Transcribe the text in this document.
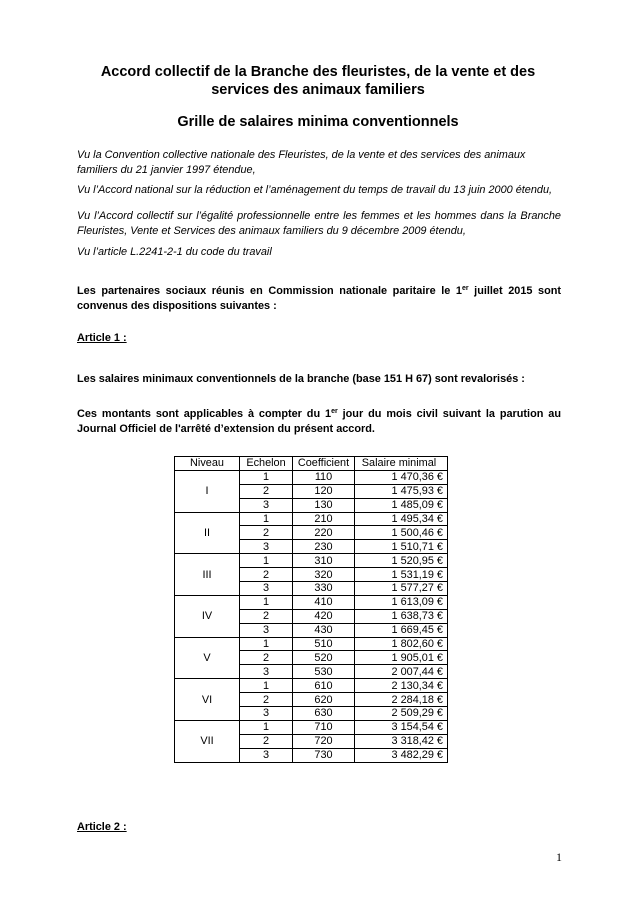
Accord collectif de la Branche des fleuristes, de la vente et des services des animaux familiers
Grille de salaires minima conventionnels
Vu la Convention collective nationale des Fleuristes, de la vente et des services des animaux familiers du 21 janvier 1997 étendue,
Vu l’Accord national sur la réduction et l’aménagement du temps de travail du 13 juin 2000 étendu,
Vu l’Accord collectif sur l’égalité professionnelle entre les femmes et les hommes dans la Branche Fleuristes, Vente et Services des animaux familiers du 9 décembre 2009 étendu,
Vu l’article L.2241-2-1 du code du travail
Les partenaires sociaux réunis en Commission nationale paritaire le 1er juillet 2015 sont convenus des dispositions suivantes :
Article 1 :
Les salaires minimaux conventionnels de la branche (base 151 H 67) sont revalorisés :
Ces montants sont applicables à compter du 1er jour du mois civil suivant la parution au Journal Officiel de l'arrêté d’extension du présent accord.
Niveau	Echelon	Coefficient	Salaire minimal
I	1	110	1 470,36 €
	2	120	1 475,93 €
	3	130	1 485,09 €
II	1	210	1 495,34 €
	2	220	1 500,46 €
	3	230	1 510,71 €
III	1	310	1 520,95 €
	2	320	1 531,19 €
	3	330	1 577,27 €
IV	1	410	1 613,09 €
	2	420	1 638,73 €
	3	430	1 669,45 €
V	1	510	1 802,60 €
	2	520	1 905,01 €
	3	530	2 007,44 €
VI	1	610	2 130,34 €
	2	620	2 284,18 €
	3	630	2 509,29 €
VII	1	710	3 154,54 €
	2	720	3 318,42 €
	3	730	3 482,29 €
Article 2 :
1
